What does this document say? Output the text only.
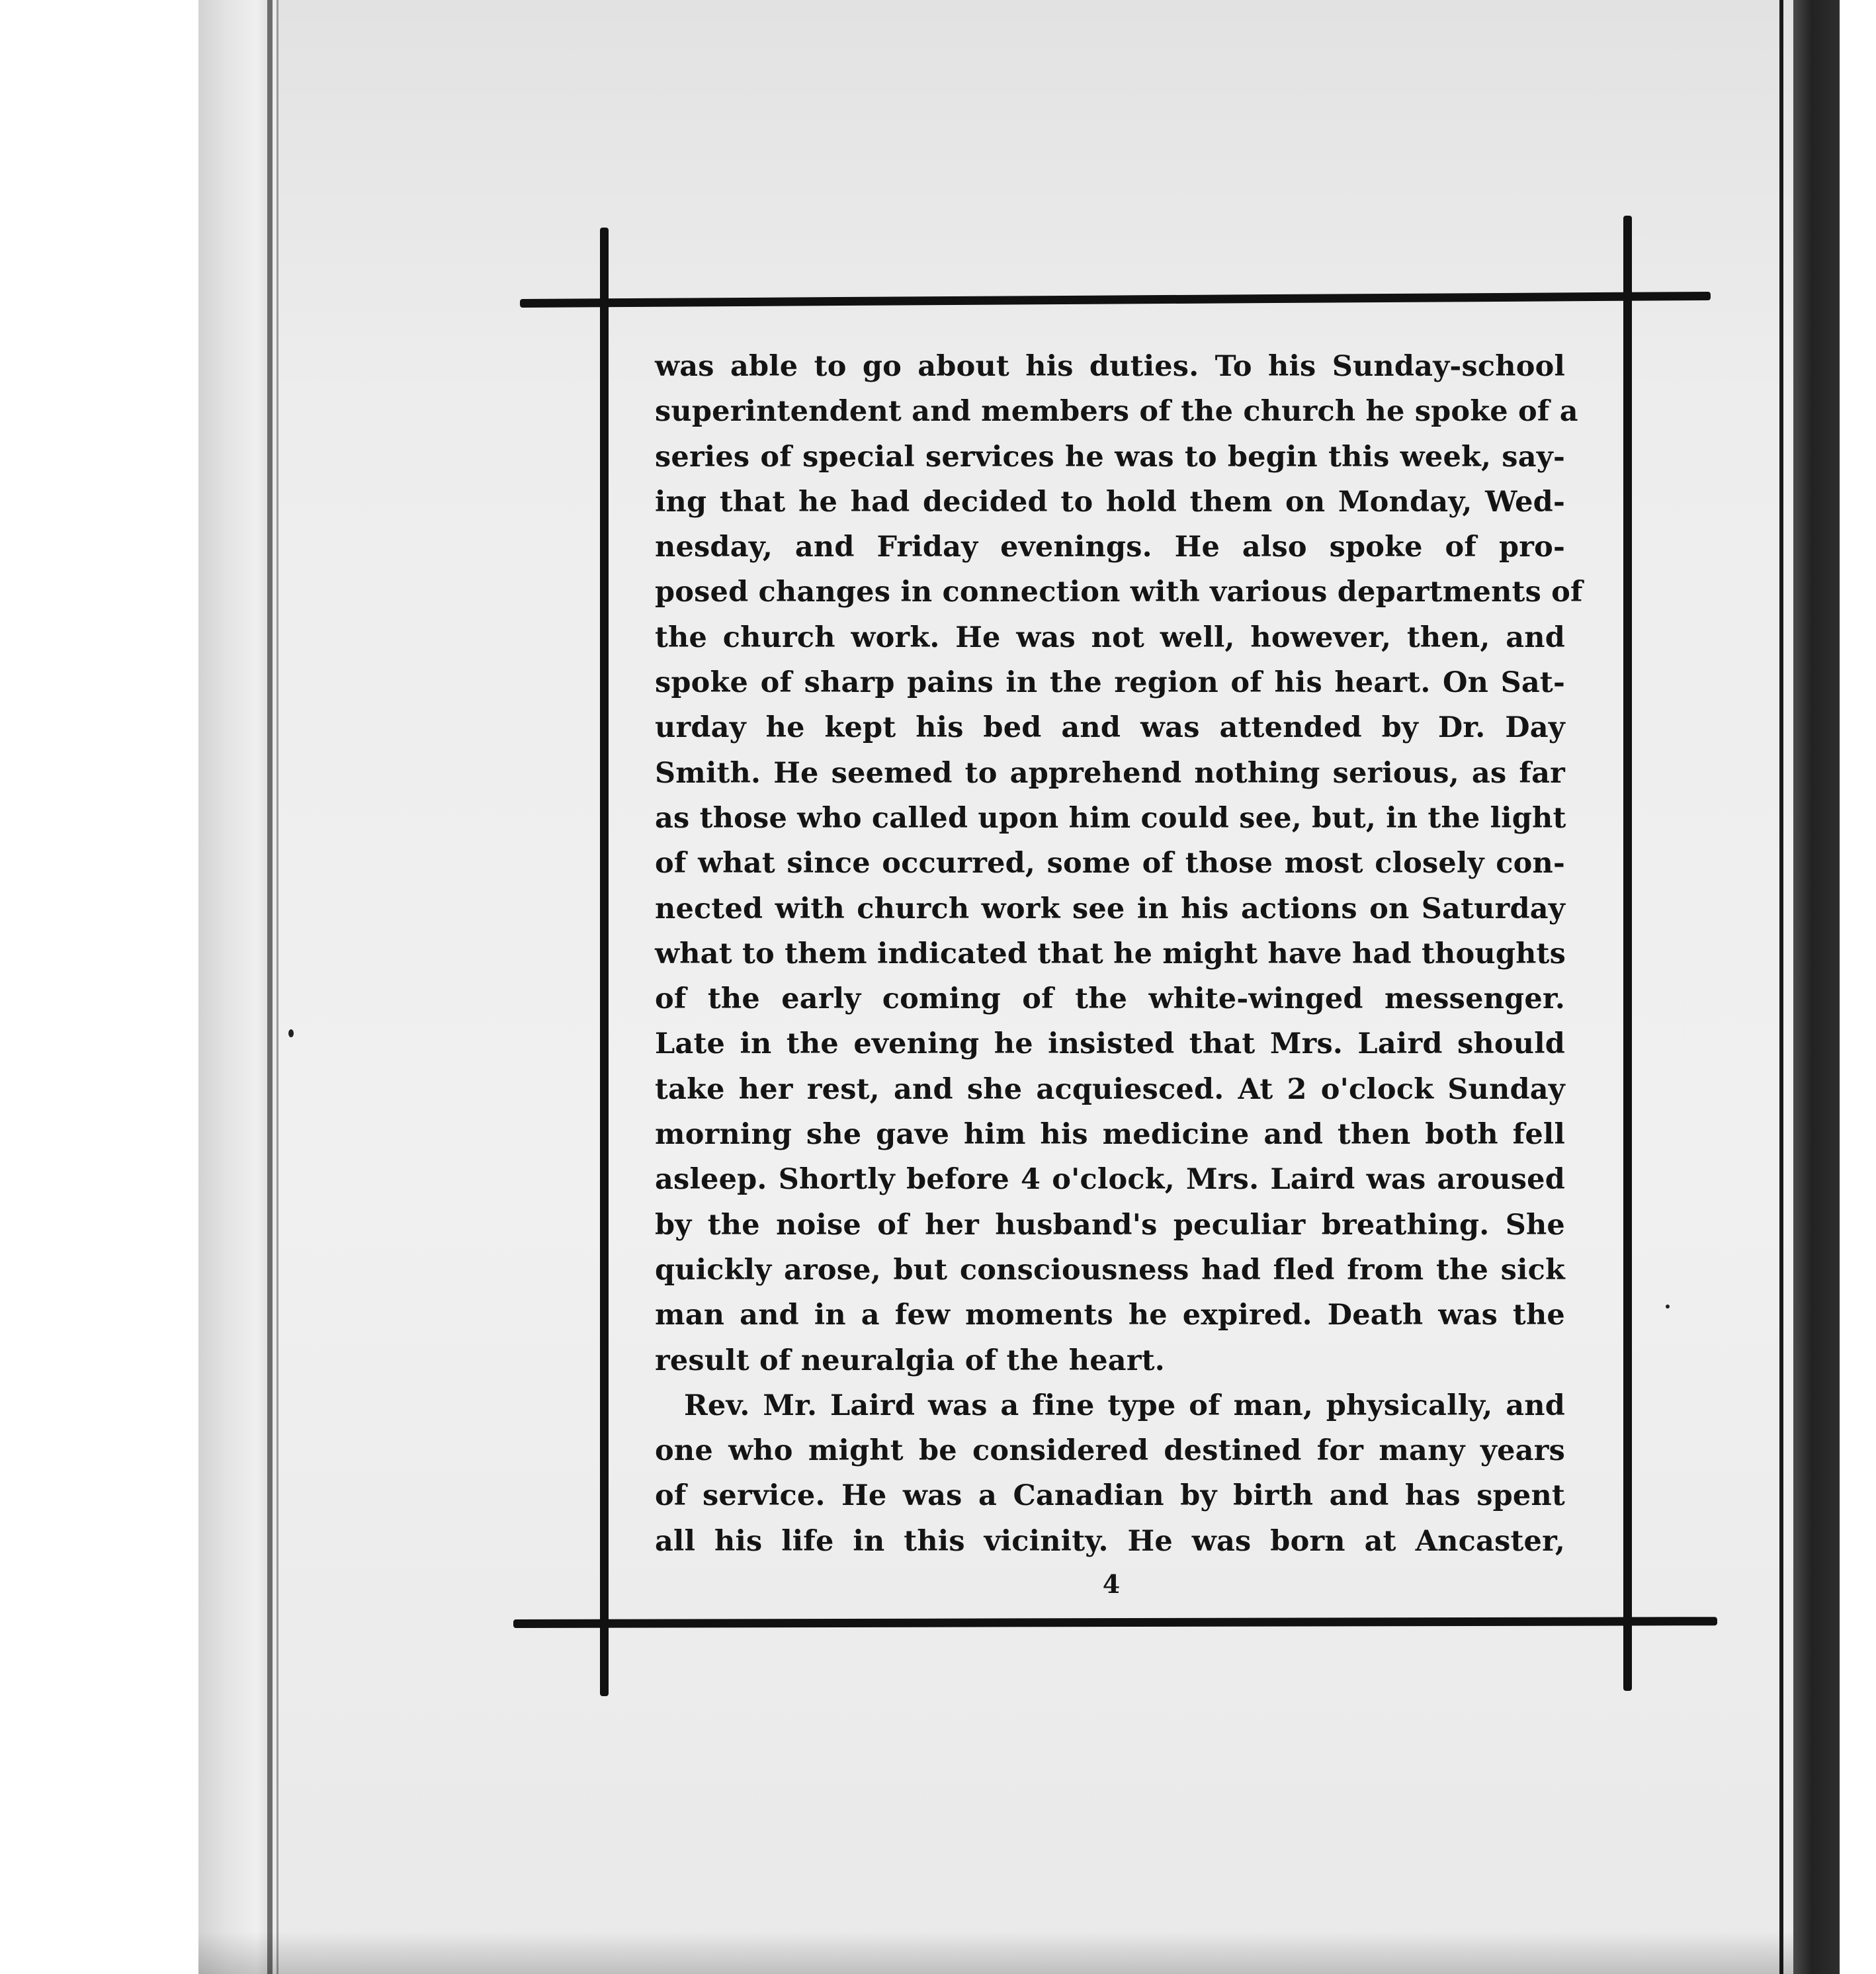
was able to go about his duties. To his Sunday-school
superintendent and members of the church he spoke of a
series of special services he was to begin this week, say-
ing that he had decided to hold them on Monday, Wed-
nesday, and Friday evenings. He also spoke of pro-
posed changes in connection with various departments of
the church work. He was not well, however, then, and
spoke of sharp pains in the region of his heart. On Sat-
urday he kept his bed and was attended by Dr. Day
Smith. He seemed to apprehend nothing serious, as far
as those who called upon him could see, but, in the light
of what since occurred, some of those most closely con-
nected with church work see in his actions on Saturday
what to them indicated that he might have had thoughts
of the early coming of the white-winged messenger.
Late in the evening he insisted that Mrs. Laird should
take her rest, and she acquiesced. At 2 o'clock Sunday
morning she gave him his medicine and then both fell
asleep. Shortly before 4 o'clock, Mrs. Laird was aroused
by the noise of her husband's peculiar breathing. She
quickly arose, but consciousness had fled from the sick
man and in a few moments he expired. Death was the
result of neuralgia of the heart.
Rev. Mr. Laird was a fine type of man, physically, and
one who might be considered destined for many years
of service. He was a Canadian by birth and has spent
all his life in this vicinity. He was born at Ancaster,
4
